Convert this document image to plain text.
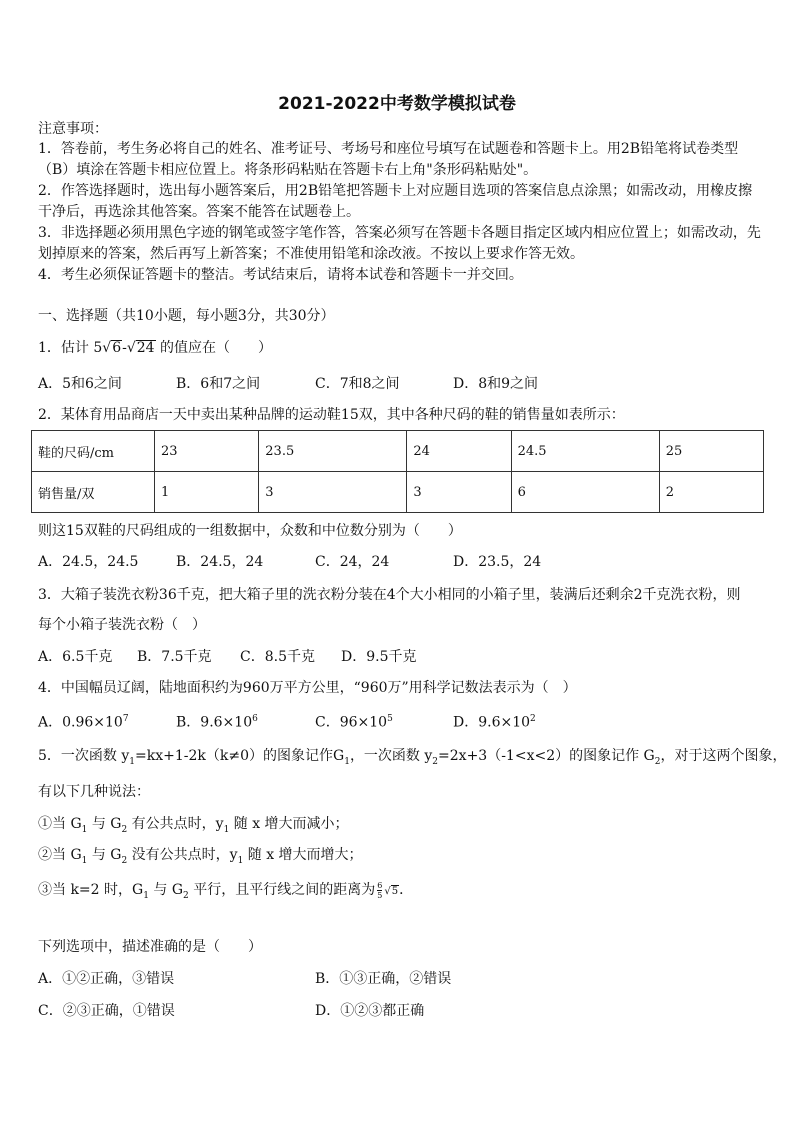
2021-2022中考数学模拟试卷
注意事项：
1．答卷前，考生务必将自己的姓名、准考证号、考场号和座位号填写在试题卷和答题卡上。用2B铅笔将试卷类型
（B）填涂在答题卡相应位置上。将条形码粘贴在答题卡右上角"条形码粘贴处"。
2．作答选择题时，选出每小题答案后，用2B铅笔把答题卡上对应题目选项的答案信息点涂黑；如需改动，用橡皮擦
干净后，再选涂其他答案。答案不能答在试题卷上。
3．非选择题必须用黑色字迹的钢笔或签字笔作答，答案必须写在答题卡各题目指定区域内相应位置上；如需改动，先
划掉原来的答案，然后再写上新答案；不准使用铅笔和涂改液。不按以上要求作答无效。
4．考生必须保证答题卡的整洁。考试结束后，请将本试卷和答题卡一并交回。
一、选择题（共10小题，每小题3分，共30分）
1．估计 5√6-√24 的值应在（　　）
A．5和6之间	B．6和7之间	C．7和8之间	D．8和9之间
2．某体育用品商店一天中卖出某种品牌的运动鞋15双，其中各种尺码的鞋的销售量如表所示：
鞋的尺码/cm	23	23.5	24	24.5	25
销售量/双	1	3	3	6	2
则这15双鞋的尺码组成的一组数据中，众数和中位数分别为（　　）
A．24.5，24.5	B．24.5，24	C．24，24	D．23.5，24
3．大箱子装洗衣粉36千克，把大箱子里的洗衣粉分装在4个大小相同的小箱子里，装满后还剩余2千克洗衣粉，则
每个小箱子装洗衣粉（　）
A．6.5千克 B．7.5千克 C．8.5千克 D．9.5千克
4．中国幅员辽阔，陆地面积约为960万平方公里，“960万”用科学记数法表示为（　）
A．$0.96\times 10^7$	B．$9.6\times 10^6$	C．$96\times 10^5$	D．$9.6\times 10^2$
5．一次函数 $y_1=kx+1-2k(k\ne 0)$的图象记作$G_1$，一次函数 $y_2=2x+3(-1<x<2)$的图象记作 $G_2$，对于这两个图象，
有以下几种说法：
①当 $G_1$ 与 $G_2$ 有公共点时，$y_1$ 随 x 增大而减小；
②当 $G_1$ 与 $G_2$ 没有公共点时，$y_1$ 随 x 增大而增大；
③当 k=2 时，$G_1$ 与 $G_2$ 平行，且平行线之间的距离为 $\frac{6}{5} √5$．
下列选项中，描述准确的是（　　）
A．①②正确，③错误	B．①③正确，②错误
C．②③正确，①错误	D．①②③都正确
